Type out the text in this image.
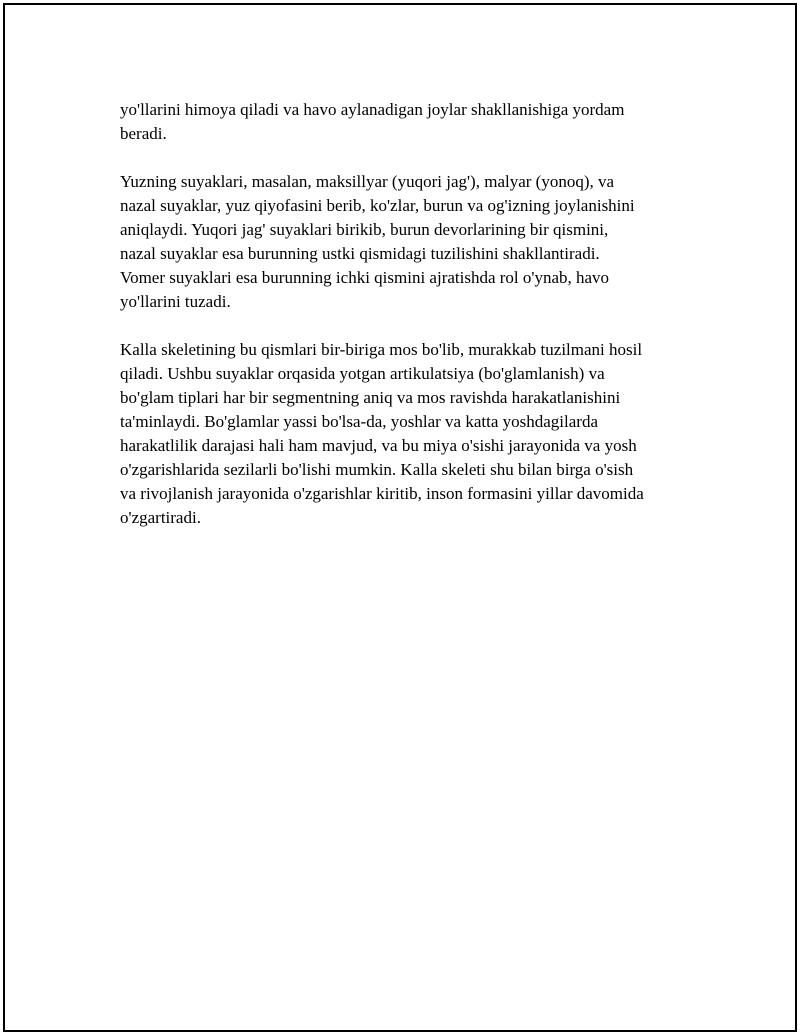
yo'llarini himoya qiladi va havo aylanadigan joylar shakllanishiga yordam
beradi.

Yuzning suyaklari, masalan, maksillyar (yuqori jag'), malyar (yonoq), va
nazal suyaklar, yuz qiyofasini berib, ko'zlar, burun va og'izning joylanishini
aniqlaydi. Yuqori jag' suyaklari birikib, burun devorlarining bir qismini,
nazal suyaklar esa burunning ustki qismidagi tuzilishini shakllantiradi.
Vomer suyaklari esa burunning ichki qismini ajratishda rol o'ynab, havo
yo'llarini tuzadi.

Kalla skeletining bu qismlari bir-biriga mos bo'lib, murakkab tuzilmani hosil
qiladi. Ushbu suyaklar orqasida yotgan artikulatsiya (bo'glamlanish) va
bo'glam tiplari har bir segmentning aniq va mos ravishda harakatlanishini
ta'minlaydi. Bo'glamlar yassi bo'lsa-da, yoshlar va katta yoshdagilarda
harakatlilik darajasi hali ham mavjud, va bu miya o'sishi jarayonida va yosh
o'zgarishlarida sezilarli bo'lishi mumkin. Kalla skeleti shu bilan birga o'sish
va rivojlanish jarayonida o'zgarishlar kiritib, inson formasini yillar davomida
o'zgartiradi.
